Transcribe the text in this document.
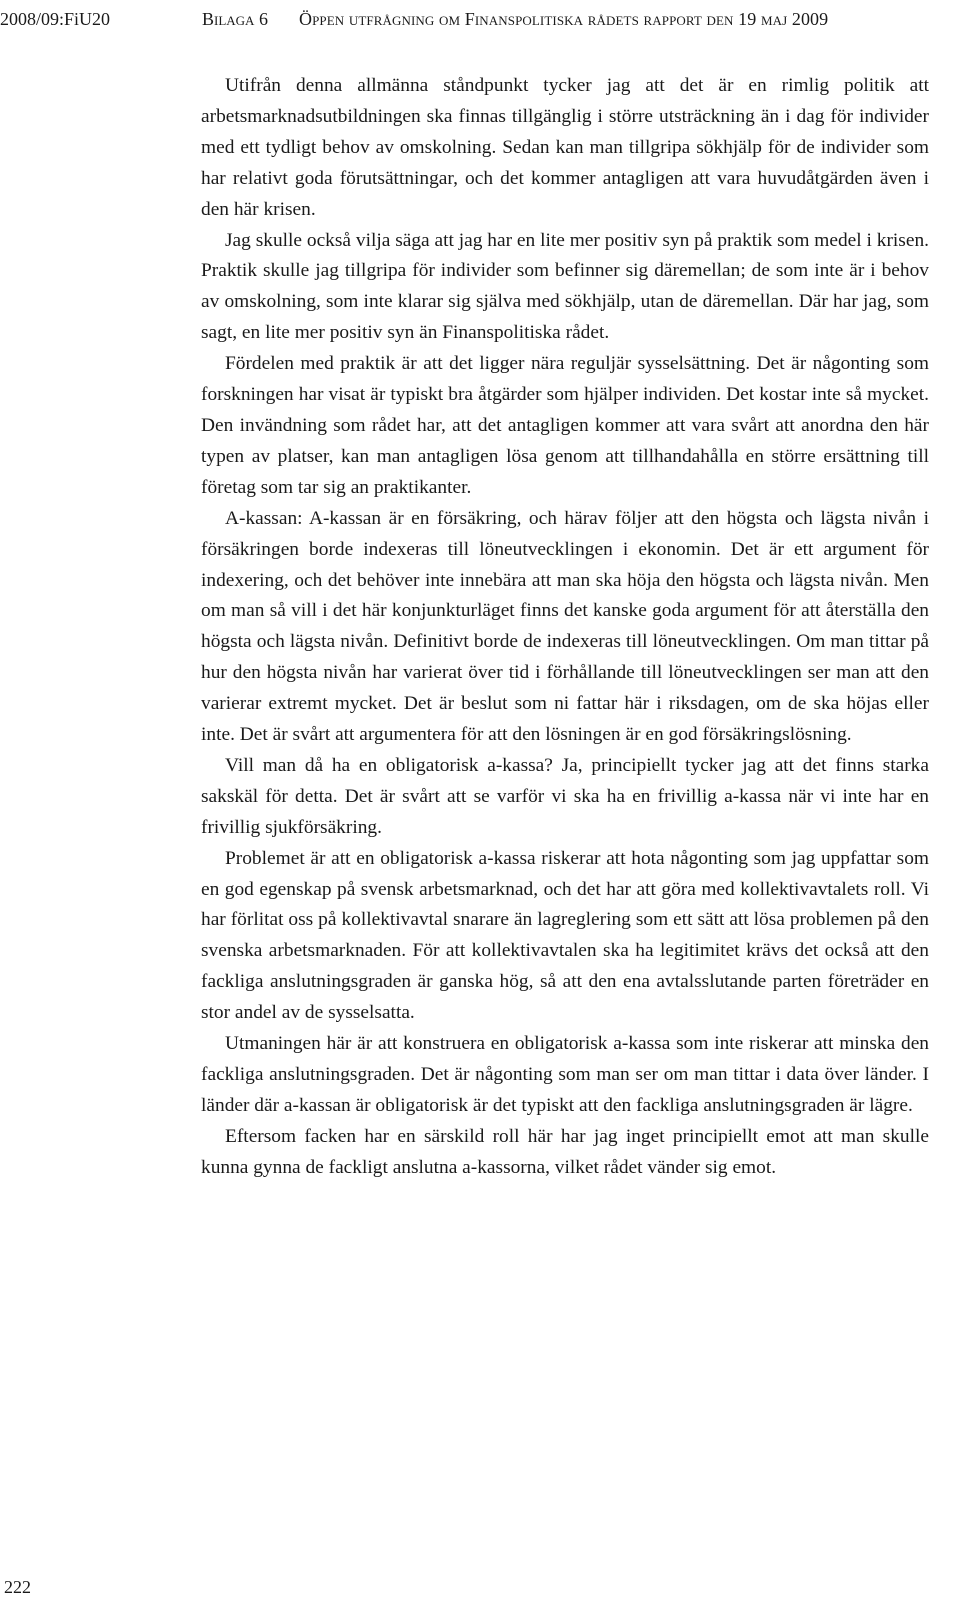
2008/09:FiU20	Bilaga 6 Öppen utfrågning om Finanspolitiska rådets rapport den 19 maj 2009

Utifrån denna allmänna ståndpunkt tycker jag att det är en rimlig politik att arbetsmarknadsutbildningen ska finnas tillgänglig i större utsträckning än i dag för individer med ett tydligt behov av omskolning. Sedan kan man tillgripa sökhjälp för de individer som har relativt goda förutsättningar, och det kommer antagligen att vara huvudåtgärden även i den här krisen.

Jag skulle också vilja säga att jag har en lite mer positiv syn på praktik som medel i krisen. Praktik skulle jag tillgripa för individer som befinner sig däremellan; de som inte är i behov av omskolning, som inte klarar sig själva med sökhjälp, utan de däremellan. Där har jag, som sagt, en lite mer positiv syn än Finanspolitiska rådet.

Fördelen med praktik är att det ligger nära reguljär sysselsättning. Det är någonting som forskningen har visat är typiskt bra åtgärder som hjälper individen. Det kostar inte så mycket. Den invändning som rådet har, att det antagligen kommer att vara svårt att anordna den här typen av platser, kan man antagligen lösa genom att tillhandahålla en större ersättning till företag som tar sig an praktikanter.

A-kassan: A-kassan är en försäkring, och härav följer att den högsta och lägsta nivån i försäkringen borde indexeras till löneutvecklingen i ekonomin. Det är ett argument för indexering, och det behöver inte innebära att man ska höja den högsta och lägsta nivån. Men om man så vill i det här konjunkturläget finns det kanske goda argument för att återställa den högsta och lägsta nivån. Definitivt borde de indexeras till löneutvecklingen. Om man tittar på hur den högsta nivån har varierat över tid i förhållande till löneutvecklingen ser man att den varierar extremt mycket. Det är beslut som ni fattar här i riksdagen, om de ska höjas eller inte. Det är svårt att argumentera för att den lösningen är en god försäkringslösning.

Vill man då ha en obligatorisk a-kassa? Ja, principiellt tycker jag att det finns starka sakskäl för detta. Det är svårt att se varför vi ska ha en frivillig a-kassa när vi inte har en frivillig sjukförsäkring.

Problemet är att en obligatorisk a-kassa riskerar att hota någonting som jag uppfattar som en god egenskap på svensk arbetsmarknad, och det har att göra med kollektivavtalets roll. Vi har förlitat oss på kollektivavtal snarare än lagreglering som ett sätt att lösa problemen på den svenska arbetsmarknaden. För att kollektivavtalen ska ha legitimitet krävs det också att den fackliga anslutningsgraden är ganska hög, så att den ena avtalsslutande parten företräder en stor andel av de sysselsatta.

Utmaningen här är att konstruera en obligatorisk a-kassa som inte riskerar att minska den fackliga anslutningsgraden. Det är någonting som man ser om man tittar i data över länder. I länder där a-kassan är obligatorisk är det typiskt att den fackliga anslutningsgraden är lägre.

Eftersom facken har en särskild roll här har jag inget principiellt emot att man skulle kunna gynna de fackligt anslutna a-kassorna, vilket rådet vänder sig emot.

222
